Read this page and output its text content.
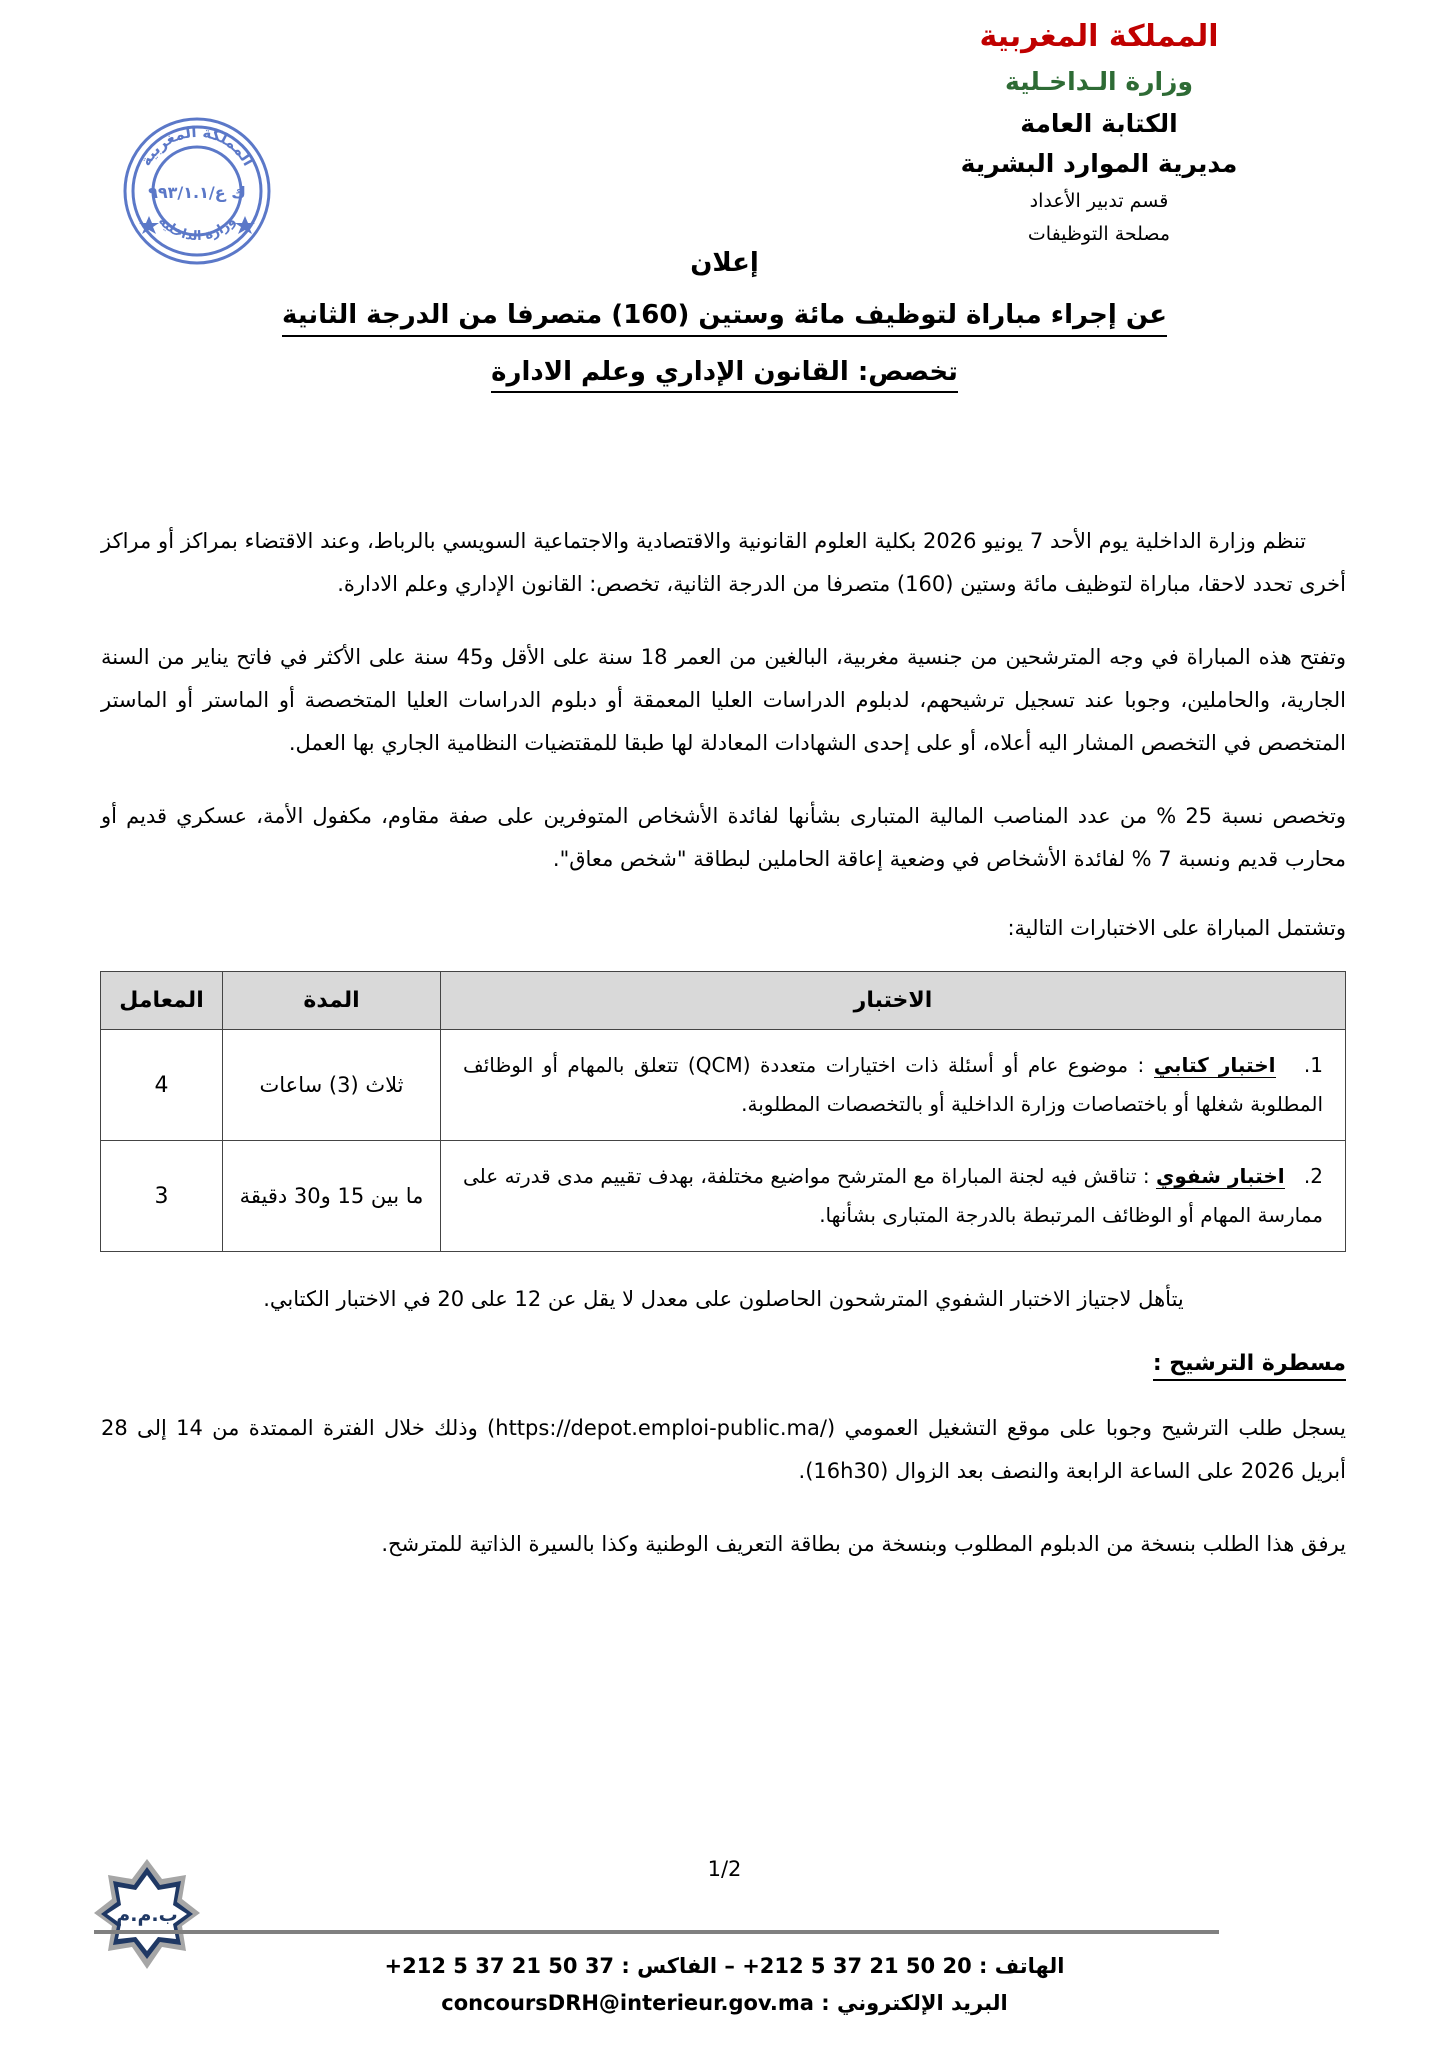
المملكة المغربية
وزارة الـداخـلية
الكتابة العامة
مديرية الموارد البشرية
قسم تدبير الأعداد
مصلحة التوظيفات
المملكة المغربية
وزارة الداخلية
ك ع/٩٩٣/١.١
إعلان
عن إجراء مباراة لتوظيف مائة وستين (160) متصرفا من الدرجة الثانية
تخصص: القانون الإداري وعلم الادارة

تنظم وزارة الداخلية يوم الأحد 7 يونيو 2026 بكلية العلوم القانونية والاقتصادية والاجتماعية السويسي بالرباط، وعند الاقتضاء بمراكز أو مراكز أخرى تحدد لاحقا، مباراة لتوظيف مائة وستين (160) متصرفا من الدرجة الثانية، تخصص: القانون الإداري وعلم الادارة.

وتفتح هذه المباراة في وجه المترشحين من جنسية مغربية، البالغين من العمر 18 سنة على الأقل و45 سنة على الأكثر في فاتح يناير من السنة الجارية، والحاملين، وجوبا عند تسجيل ترشيحهم، لدبلوم الدراسات العليا المعمقة أو دبلوم الدراسات العليا المتخصصة أو الماستر أو الماستر المتخصص في التخصص المشار اليه أعلاه، أو على إحدى الشهادات المعادلة لها طبقا للمقتضيات النظامية الجاري بها العمل.

وتخصص نسبة 25 % من عدد المناصب المالية المتبارى بشأنها لفائدة الأشخاص المتوفرين على صفة مقاوم، مكفول الأمة، عسكري قديم أو محارب قديم ونسبة 7 % لفائدة الأشخاص في وضعية إعاقة الحاملين لبطاقة "شخص معاق".

وتشتمل المباراة على الاختبارات التالية:

الاختبار	المدة	المعامل
1.   اختبار كتابي : موضوع عام أو أسئلة ذات اختيارات متعددة (QCM) تتعلق بالمهام أو الوظائف المطلوبة شغلها أو باختصاصات وزارة الداخلية أو بالتخصصات المطلوبة.	ثلاث (3) ساعات	4
2.   اختبار شفوي : تناقش فيه لجنة المباراة مع المترشح مواضيع مختلفة، بهدف تقييم مدى قدرته على ممارسة المهام أو الوظائف المرتبطة بالدرجة المتبارى بشأنها.	ما بين 15 و30 دقيقة	3

يتأهل لاجتياز الاختبار الشفوي المترشحون الحاصلون على معدل لا يقل عن 12 على 20 في الاختبار الكتابي.

مسطرة الترشيح :

يسجل طلب الترشيح وجوبا على موقع التشغيل العمومي (https://depot.emploi-public.ma/) وذلك خلال الفترة الممتدة من 14 إلى 28 أبريل 2026 على الساعة الرابعة والنصف بعد الزوال (16h30).

يرفق هذا الطلب بنسخة من الدبلوم المطلوب وبنسخة من بطاقة التعريف الوطنية وكذا بالسيرة الذاتية للمترشح.

1/2
ب.م.م
الهاتف : +212 5 37 21 50 20 – الفاكس : +212 5 37 21 50 37
البريد الإلكتروني : concoursDRH@interieur.gov.ma
